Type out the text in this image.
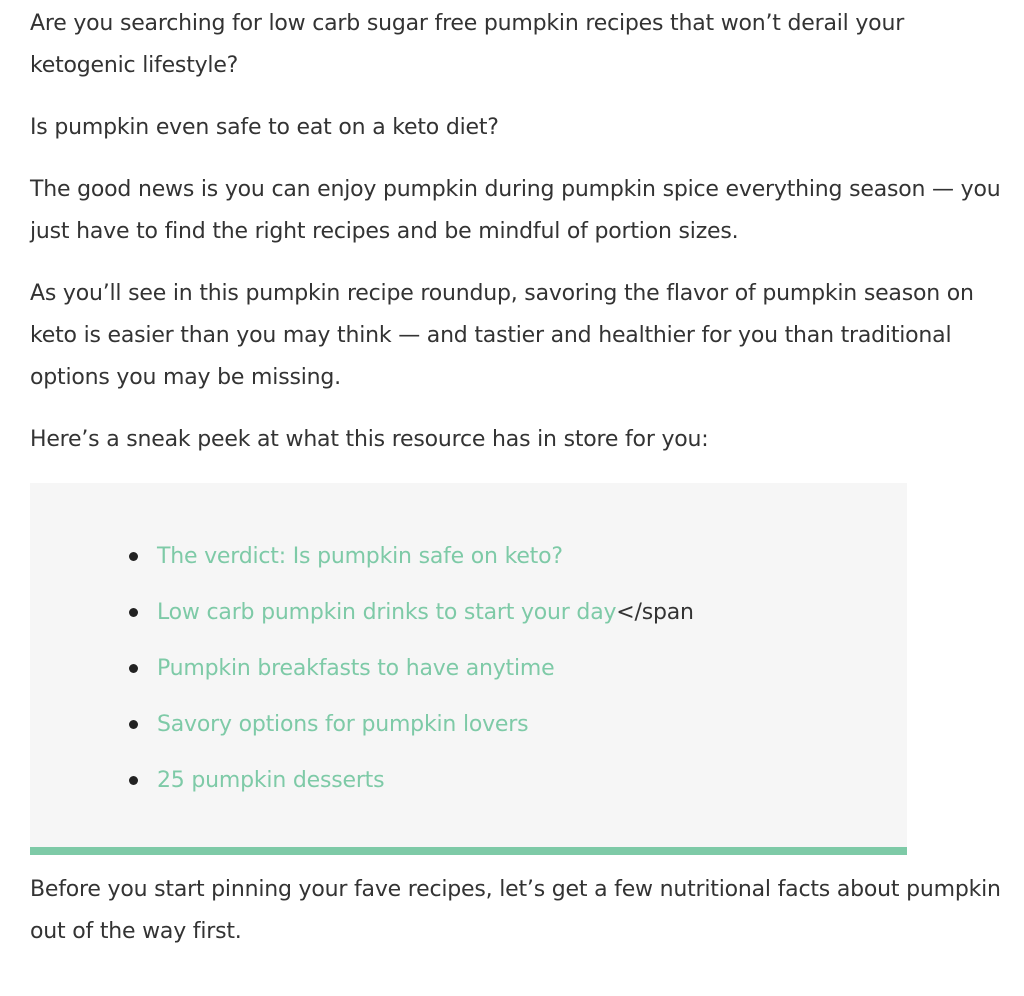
Are you searching for low carb sugar free pumpkin recipes that won’t derail your ketogenic lifestyle?

Is pumpkin even safe to eat on a keto diet?

The good news is you can enjoy pumpkin during pumpkin spice everything season — you just have to find the right recipes and be mindful of portion sizes.

As you’ll see in this pumpkin recipe roundup, savoring the flavor of pumpkin season on keto is easier than you may think — and tastier and healthier for you than traditional options you may be missing.

Here’s a sneak peek at what this resource has in store for you:

The verdict: Is pumpkin safe on keto?
Low carb pumpkin drinks to start your day</span
Pumpkin breakfasts to have anytime
Savory options for pumpkin lovers
25 pumpkin desserts

Before you start pinning your fave recipes, let’s get a few nutritional facts about pumpkin out of the way first.
